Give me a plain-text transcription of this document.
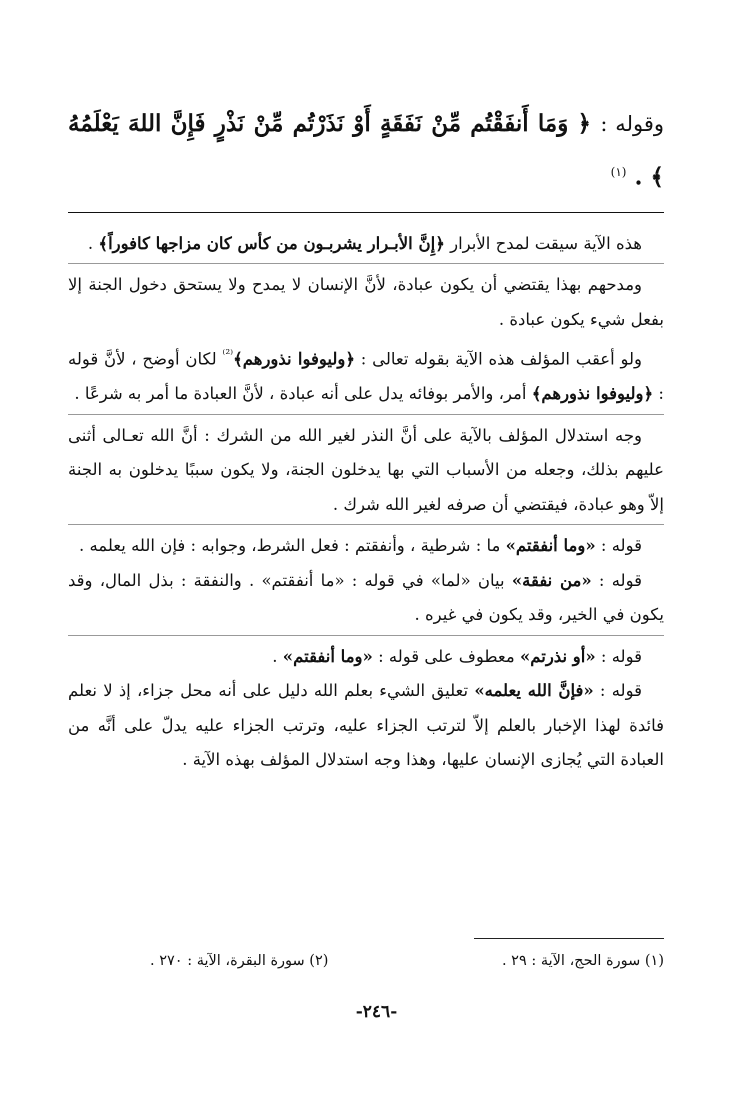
وقوله : ﴿ وَمَا أَنفَقْتُم مِّنْ نَفَقَةٍ أَوْ نَذَرْتُم مِّنْ نَذْرٍ فَإِنَّ اللهَ يَعْلَمُهُ ﴾ . $^{(١)}$

هذه الآية سيقت لمدح الأبرار ﴿إِنَّ الأبـرار يشربـون من كأس كان مزاجها كافوراً﴾ .

ومدحهم بهذا يقتضي أن يكون عبادة، لأنَّ الإنسان لا يمدح ولا يستحق دخول الجنة إلا بفعل شيء يكون عبادة .

ولو أعقب المؤلف هذه الآية بقوله تعالى : ﴿وليوفوا نذورهم﴾$^{^{(2)}}$ لكان أوضح ، لأنَّ قوله : ﴿وليوفوا نذورهم﴾ أمر، والأمر بوفائه يدل على أنه عبادة ، لأنَّ العبادة ما أمر به شرعًا .

وجه استدلال المؤلف بالآية على أنَّ النذر لغير الله من الشرك : أنَّ الله تعـالى أثنى عليهم بذلك، وجعله من الأسباب التي بها يدخلون الجنة، ولا يكون سببًا يدخلون به الجنة إلاّ وهو عبادة، فيقتضي أن صرفه لغير الله شرك .

قوله : «وما أنفقتم» ما : شرطية ، وأنفقتم : فعل الشرط، وجوابه : فإن الله يعلمه .

قوله : «من نفقة» بيان «لما» في قوله : «ما أنفقتم» . والنفقة : بذل المال، وقد يكون في الخير، وقد يكون في غيره .

قوله : «أو نذرتم» معطوف على قوله : «وما أنفقتم» .

قوله : «فإنَّ الله يعلمه» تعليق الشيء بعلم الله دليل على أنه محل جزاء، إذ لا نعلم فائدة لهذا الإخبار بالعلم إلاّ لترتب الجزاء عليه، وترتب الجزاء عليه يدلّ على أنَّه من العبادة التي يُجازى الإنسان عليها، وهذا وجه استدلال المؤلف بهذه الآية .

(١) سورة الحج، الآية : ٢٩ .
(٢) سورة البقرة، الآية : ٢٧٠ .
-٢٤٦-
